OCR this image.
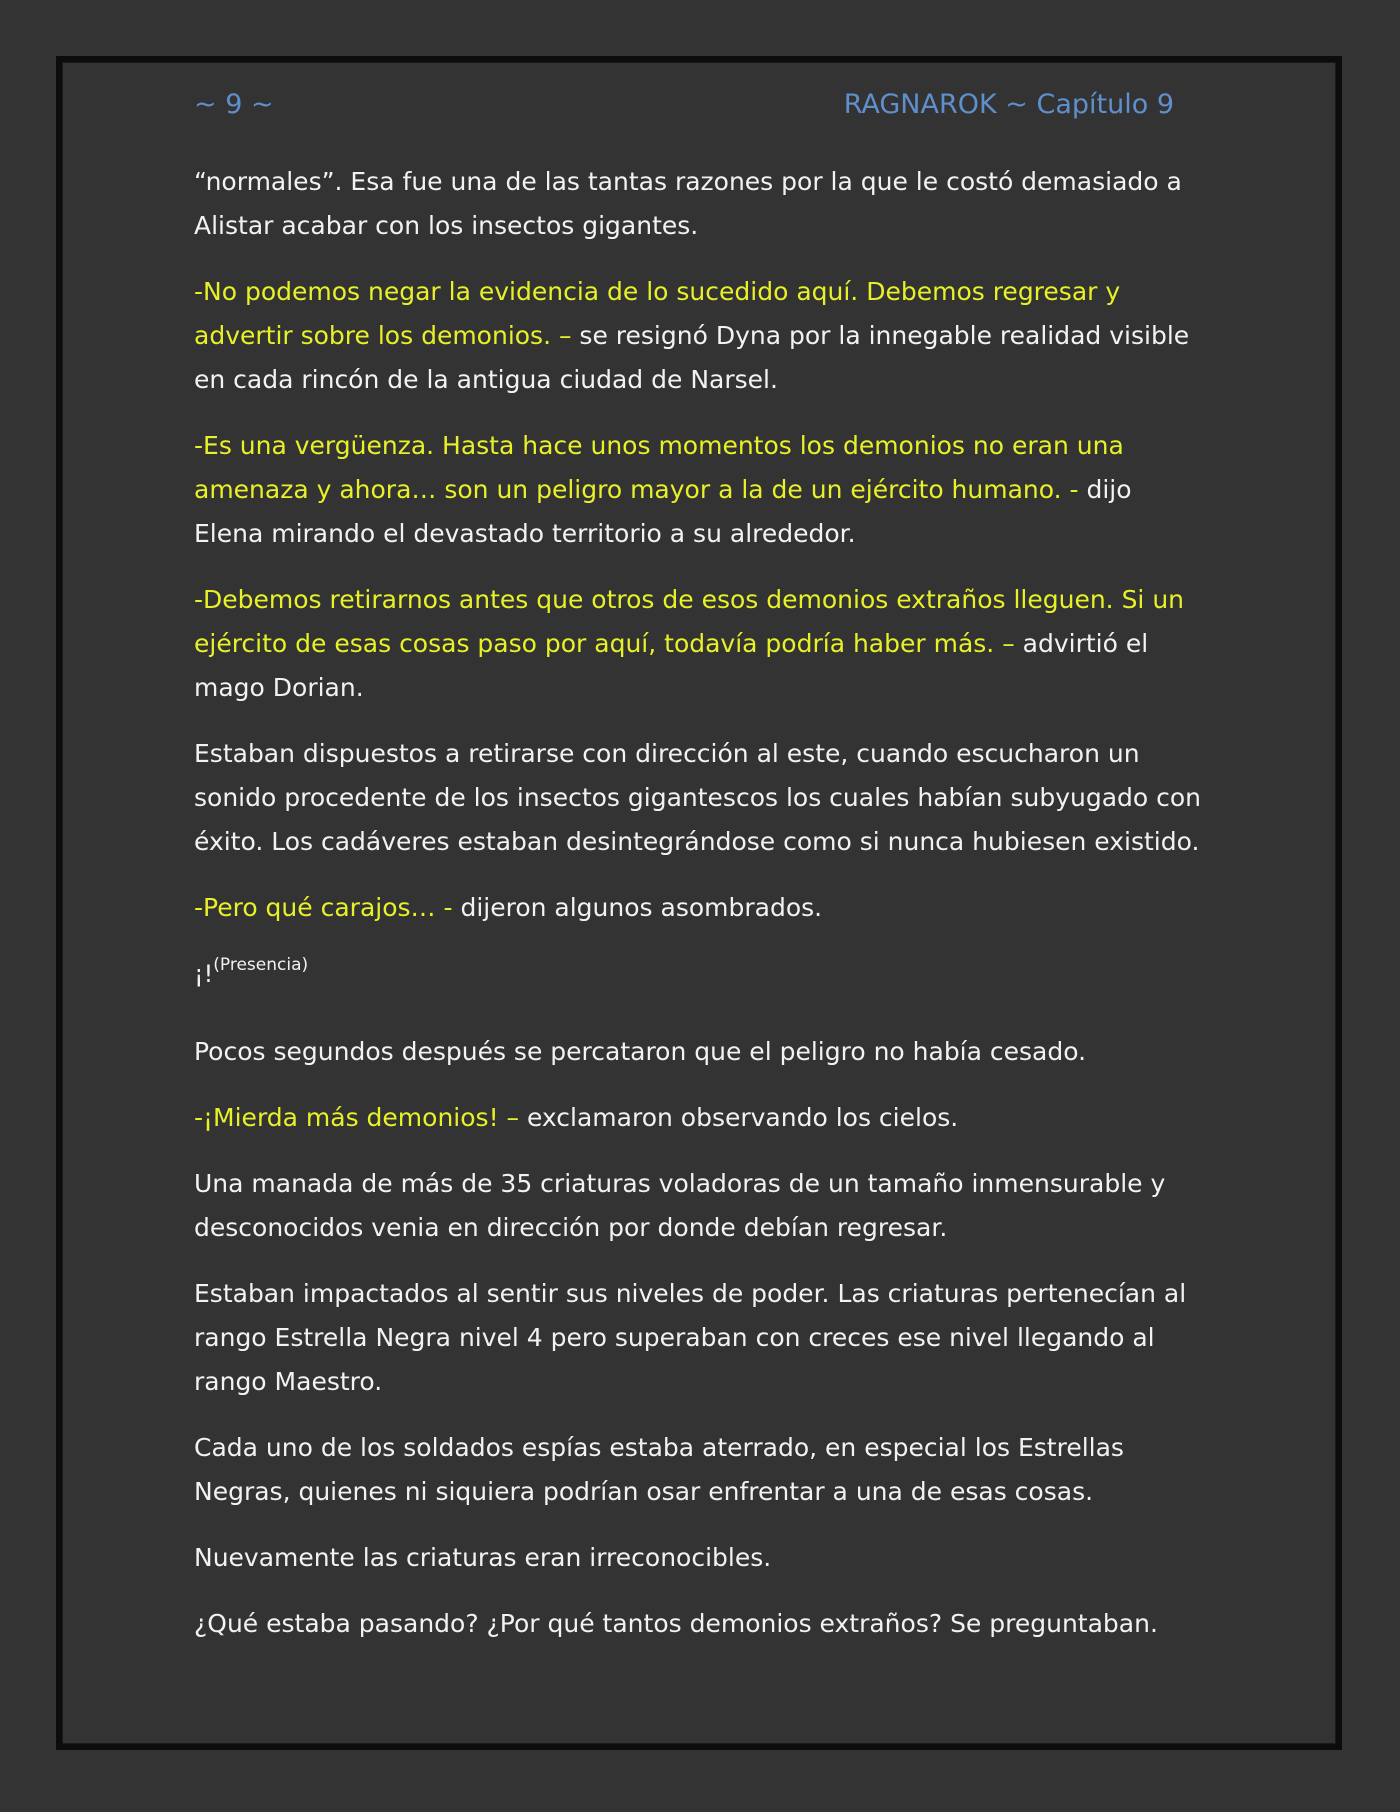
~ 9 ~	RAGNAROK ~ Capítulo 9

“normales”. Esa fue una de las tantas razones por la que le costó demasiado a Alistar acabar con los insectos gigantes.

-No podemos negar la evidencia de lo sucedido aquí. Debemos regresar y advertir sobre los demonios. – se resignó Dyna por la innegable realidad visible en cada rincón de la antigua ciudad de Narsel.

-Es una vergüenza. Hasta hace unos momentos los demonios no eran una amenaza y ahora… son un peligro mayor a la de un ejército humano. - dijo Elena mirando el devastado territorio a su alrededor.

-Debemos retirarnos antes que otros de esos demonios extraños lleguen. Si un ejército de esas cosas paso por aquí, todavía podría haber más. – advirtió el mago Dorian.

Estaban dispuestos a retirarse con dirección al este, cuando escucharon un sonido procedente de los insectos gigantescos los cuales habían subyugado con éxito. Los cadáveres estaban desintegrándose como si nunca hubiesen existido.

-Pero qué carajos… - dijeron algunos asombrados.

¡!$^{(Presencia)}$

Pocos segundos después se percataron que el peligro no había cesado.

-¡Mierda más demonios! – exclamaron observando los cielos.

Una manada de más de 35 criaturas voladoras de un tamaño inmensurable y desconocidos venia en dirección por donde debían regresar.

Estaban impactados al sentir sus niveles de poder. Las criaturas pertenecían al rango Estrella Negra nivel 4 pero superaban con creces ese nivel llegando al rango Maestro.

Cada uno de los soldados espías estaba aterrado, en especial los Estrellas Negras, quienes ni siquiera podrían osar enfrentar a una de esas cosas.

Nuevamente las criaturas eran irreconocibles.

¿Qué estaba pasando? ¿Por qué tantos demonios extraños? Se preguntaban.
